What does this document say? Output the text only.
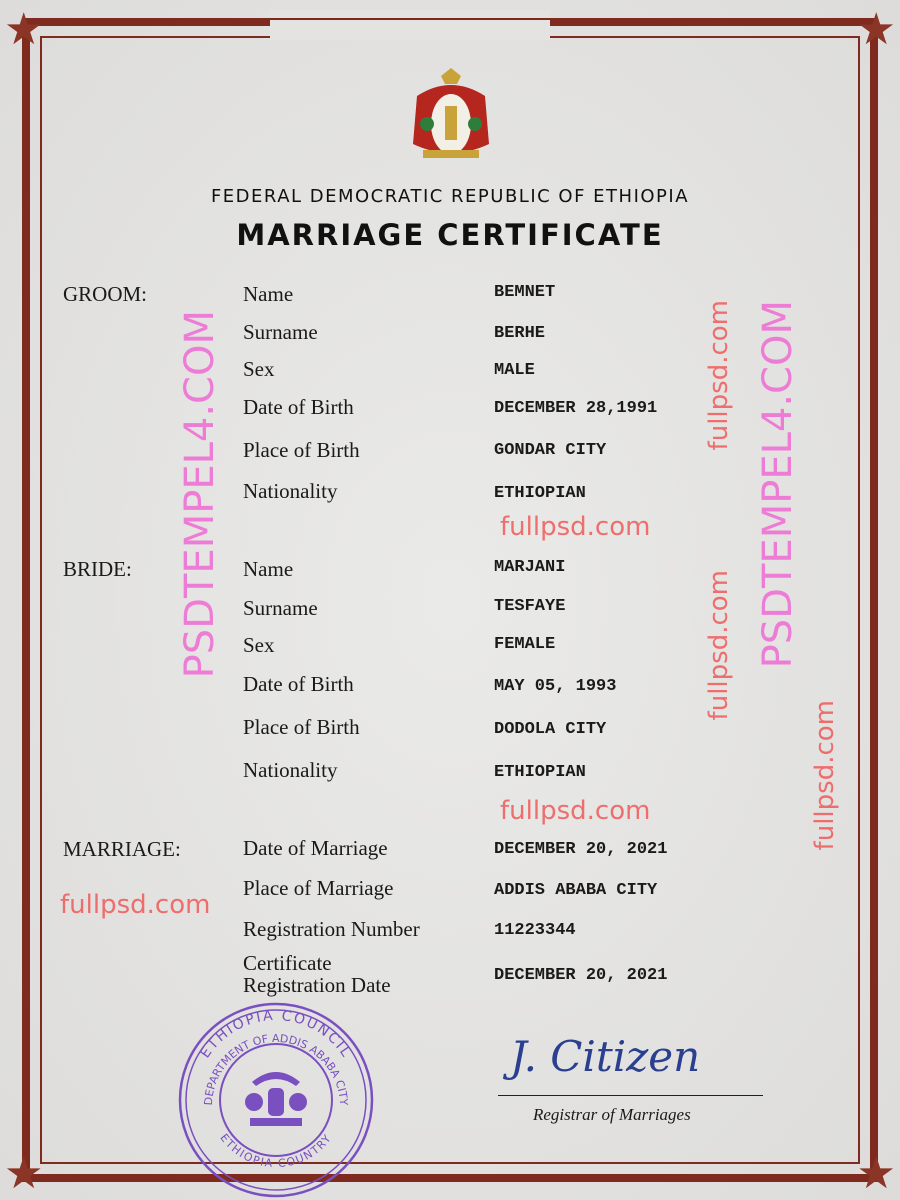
★	★
★	★
FEDERAL DEMOCRATIC REPUBLIC OF ETHIOPIA
MARRIAGE CERTIFICATE
GROOM:	Name	BEMNET
Surname	BERHE
Sex	MALE
Date of Birth	DECEMBER 28,1991
Place of Birth	GONDAR CITY
Nationality	ETHIOPIAN
BRIDE:	Name	MARJANI
Surname	TESFAYE
Sex	FEMALE
Date of Birth	MAY 05, 1993
Place of Birth	DODOLA CITY
Nationality	ETHIOPIAN
MARRIAGE:	Date of Marriage	DECEMBER 20, 2021
Place of Marriage	ADDIS ABABA CITY
Registration Number	11223344
Certificate
Registration Date	DECEMBER 20, 2021
fullpsd.com
fullpsd.com
fullpsd.com
fullpsd.com
fullpsd.com
fullpsd.com
PSDTEMPEL4.COM
PSDTEMPEL4.COM
ETHIOPIA COUNCIL
DEPARTMENT OF ADDIS ABABA CITY
ETHIOPIA COUNTRY
J. Citizen
Registrar of Marriages
